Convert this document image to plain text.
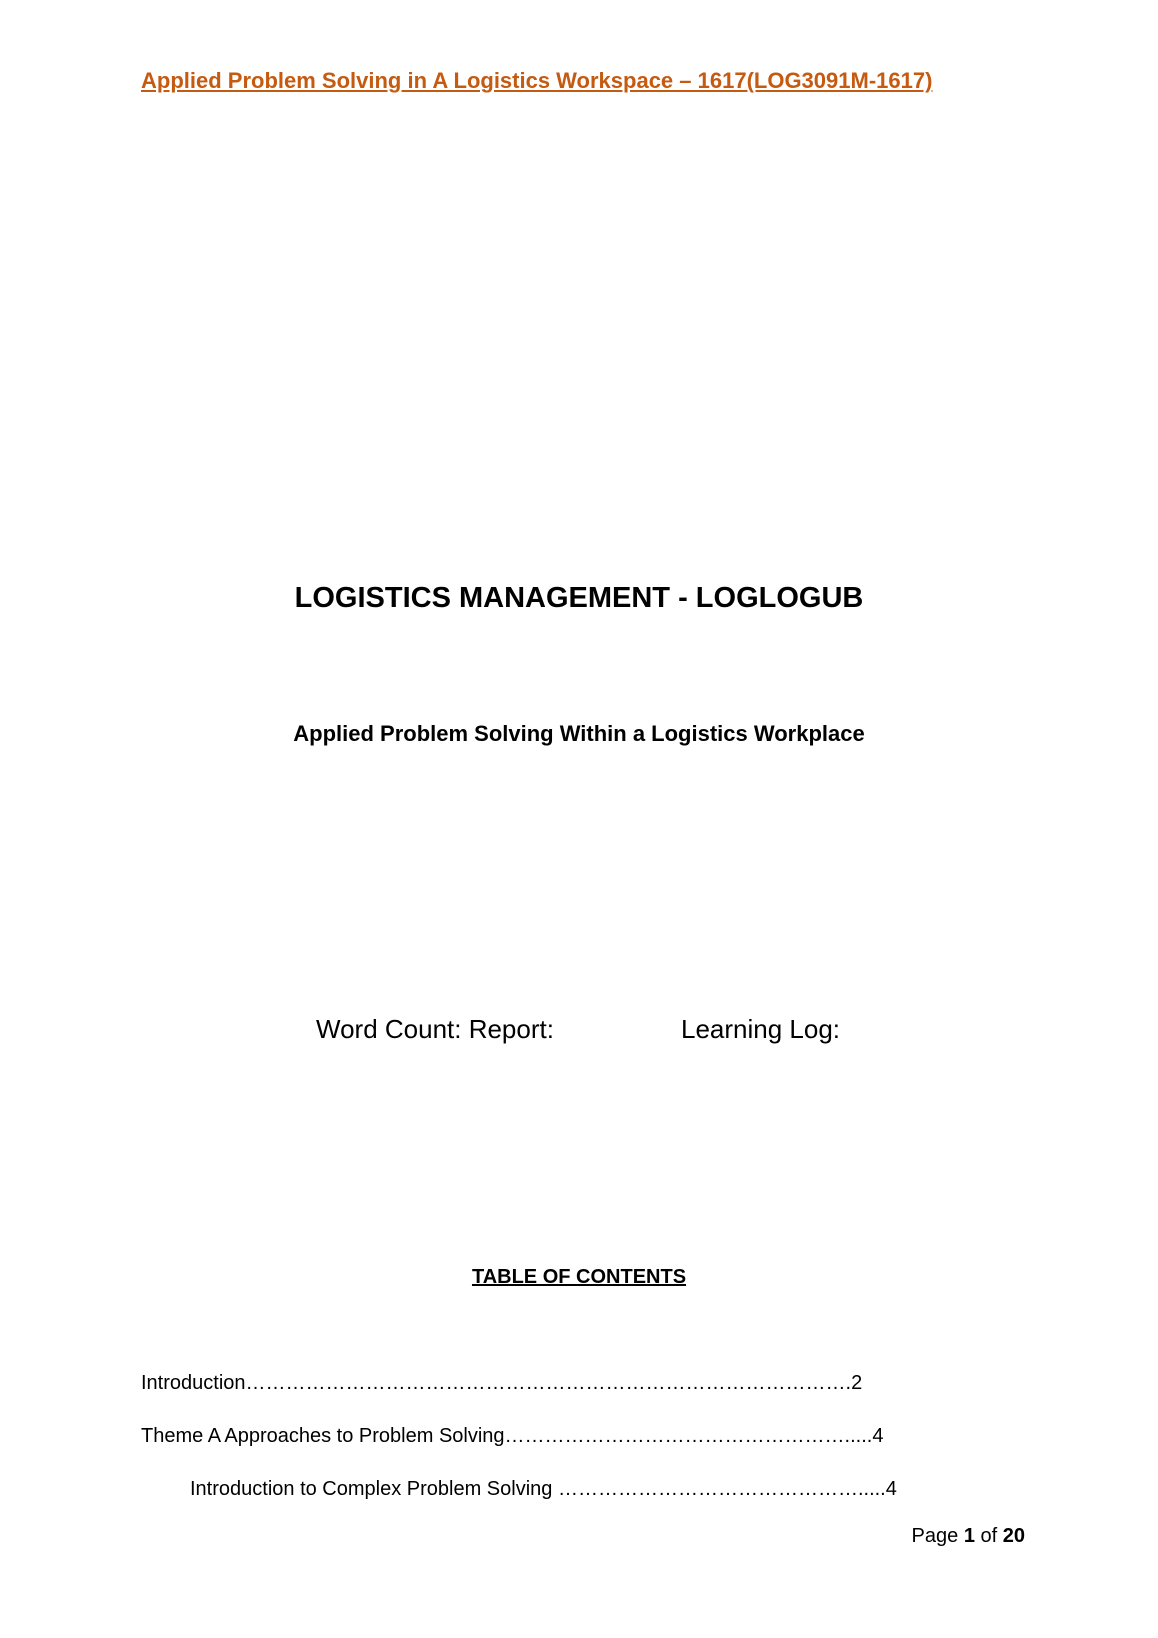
Applied Problem Solving in A Logistics Workspace – 1617(LOG3091M-1617)
LOGISTICS MANAGEMENT - LOGLOGUB
Applied Problem Solving Within a Logistics Workplace
Word Count: Report:	Learning Log:
TABLE OF CONTENTS
Introduction……………………………………………………………………………….2
Theme A Approaches to Problem Solving…………………………………………….....4
Introduction to Complex Problem Solving ……………………………………….....4
Page 1 of 20
